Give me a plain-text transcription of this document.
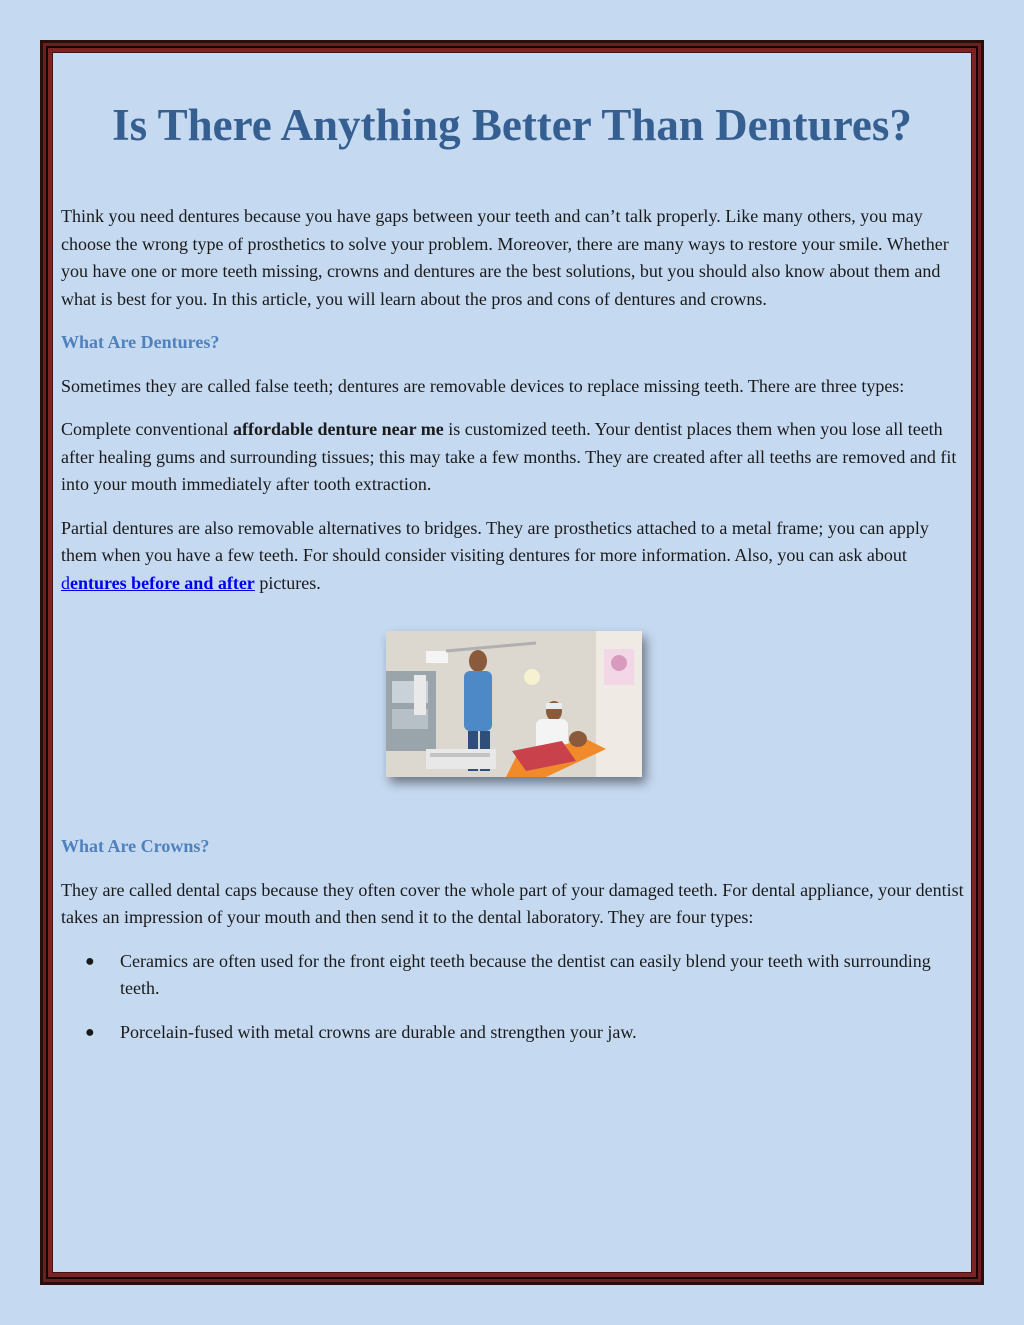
Is There Anything Better Than Dentures?

Think you need dentures because you have gaps between your teeth and can’t talk properly. Like many others, you may choose the wrong type of prosthetics to solve your problem. Moreover, there are many ways to restore your smile. Whether you have one or more teeth missing, crowns and dentures are the best solutions, but you should also know about them and what is best for you. In this article, you will learn about the pros and cons of dentures and crowns.

What Are Dentures?

Sometimes they are called false teeth; dentures are removable devices to replace missing teeth. There are three types:

Complete conventional affordable denture near me is customized teeth. Your dentist places them when you lose all teeth after healing gums and surrounding tissues; this may take a few months. They are created after all teeths are removed and fit into your mouth immediately after tooth extraction.

Partial dentures are also removable alternatives to bridges. They are prosthetics attached to a metal frame; you can apply them when you have a few teeth. For should consider visiting dentures for more information. Also, you can ask about dentures before and after pictures.

What Are Crowns?

They are called dental caps because they often cover the whole part of your damaged teeth. For dental appliance, your dentist takes an impression of your mouth and then send it to the dental laboratory. They are four types:

● Ceramics are often used for the front eight teeth because the dentist can easily blend your teeth with surrounding teeth.
● Porcelain-fused with metal crowns are durable and strengthen your jaw.
